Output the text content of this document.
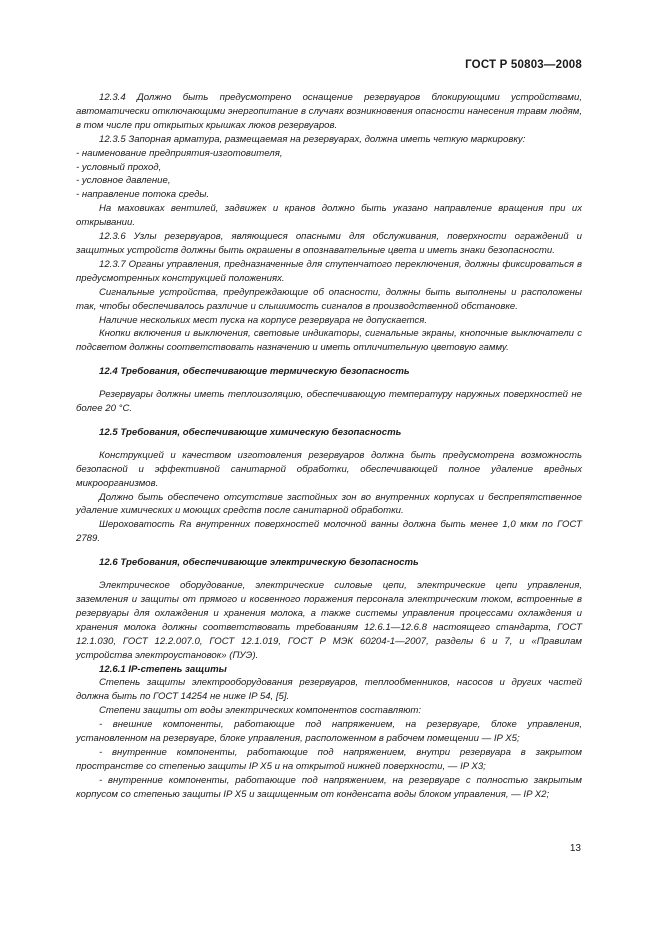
ГОСТ Р 50803—2008

12.3.4 Должно быть предусмотрено оснащение резервуаров блокирующими устройствами, автоматически отключающими энергопитание в случаях возникновения опасности нанесения травм людям, в том числе при открытых крышках люков резервуаров.

12.3.5 Запорная арматура, размещаемая на резервуарах, должна иметь четкую маркировку:

- наименование предприятия-изготовителя,

- условный проход,

- условное давление,

- направление потока среды.

На маховиках вентилей, задвижек и кранов должно быть указано направление вращения при их открывании.

12.3.6 Узлы резервуаров, являющиеся опасными для обслуживания, поверхности ограждений и защитных устройств должны быть окрашены в опознавательные цвета и иметь знаки безопасности.

12.3.7 Органы управления, предназначенные для ступенчатого переключения, должны фиксироваться в предусмотренных конструкцией положениях.

Сигнальные устройства, предупреждающие об опасности, должны быть выполнены и расположены так, чтобы обеспечивалось различие и слышимость сигналов в производственной обстановке.

Наличие нескольких мест пуска на корпусе резервуара не допускается.

Кнопки включения и выключения, световые индикаторы, сигнальные экраны, кнопочные выключатели с подсветом должны соответствовать назначению и иметь отличительную цветовую гамму.

12.4 Требования, обеспечивающие термическую безопасность

Резервуары должны иметь теплоизоляцию, обеспечивающую температуру наружных поверхностей не более 20 °С.

12.5 Требования, обеспечивающие химическую безопасность

Конструкцией и качеством изготовления резервуаров должна быть предусмотрена возможность безопасной и эффективной санитарной обработки, обеспечивающей полное удаление вредных микроорганизмов.

Должно быть обеспечено отсутствие застойных зон во внутренних корпусах и беспрепятственное удаление химических и моющих средств после санитарной обработки.

Шероховатость Ra внутренних поверхностей молочной ванны должна быть менее 1,0 мкм по ГОСТ 2789.

12.6 Требования, обеспечивающие электрическую безопасность

Электрическое оборудование, электрические силовые цепи, электрические цепи управления, заземления и защиты от прямого и косвенного поражения персонала электрическим током, встроенные в резервуары для охлаждения и хранения молока, а также системы управления процессами охлаждения и хранения молока должны соответствовать требованиям 12.6.1—12.6.8 настоящего стандарта, ГОСТ 12.1.030, ГОСТ 12.2.007.0, ГОСТ 12.1.019, ГОСТ Р МЭК 60204-1—2007, разделы 6 и 7, и «Правилам устройства электроустановок» (ПУЭ).

12.6.1 IP-степень защиты

Степень защиты электрооборудования резервуаров, теплообменников, насосов и других частей должна быть по ГОСТ 14254 не ниже IP 54, [5].

Степени защиты от воды электрических компонентов составляют:

- внешние компоненты, работающие под напряжением, на резервуаре, блоке управления, установленном на резервуаре, блоке управления, расположенном в рабочем помещении — IP X5;

- внутренние компоненты, работающие под напряжением, внутри резервуара в закрытом пространстве со степенью защиты IP X5 и на открытой нижней поверхности, — IP X3;

- внутренние компоненты, работающие под напряжением, на резервуаре с полностью закрытым корпусом со степенью защиты IP X5 и защищенным от конденсата воды блоком управления, — IP X2;

13
